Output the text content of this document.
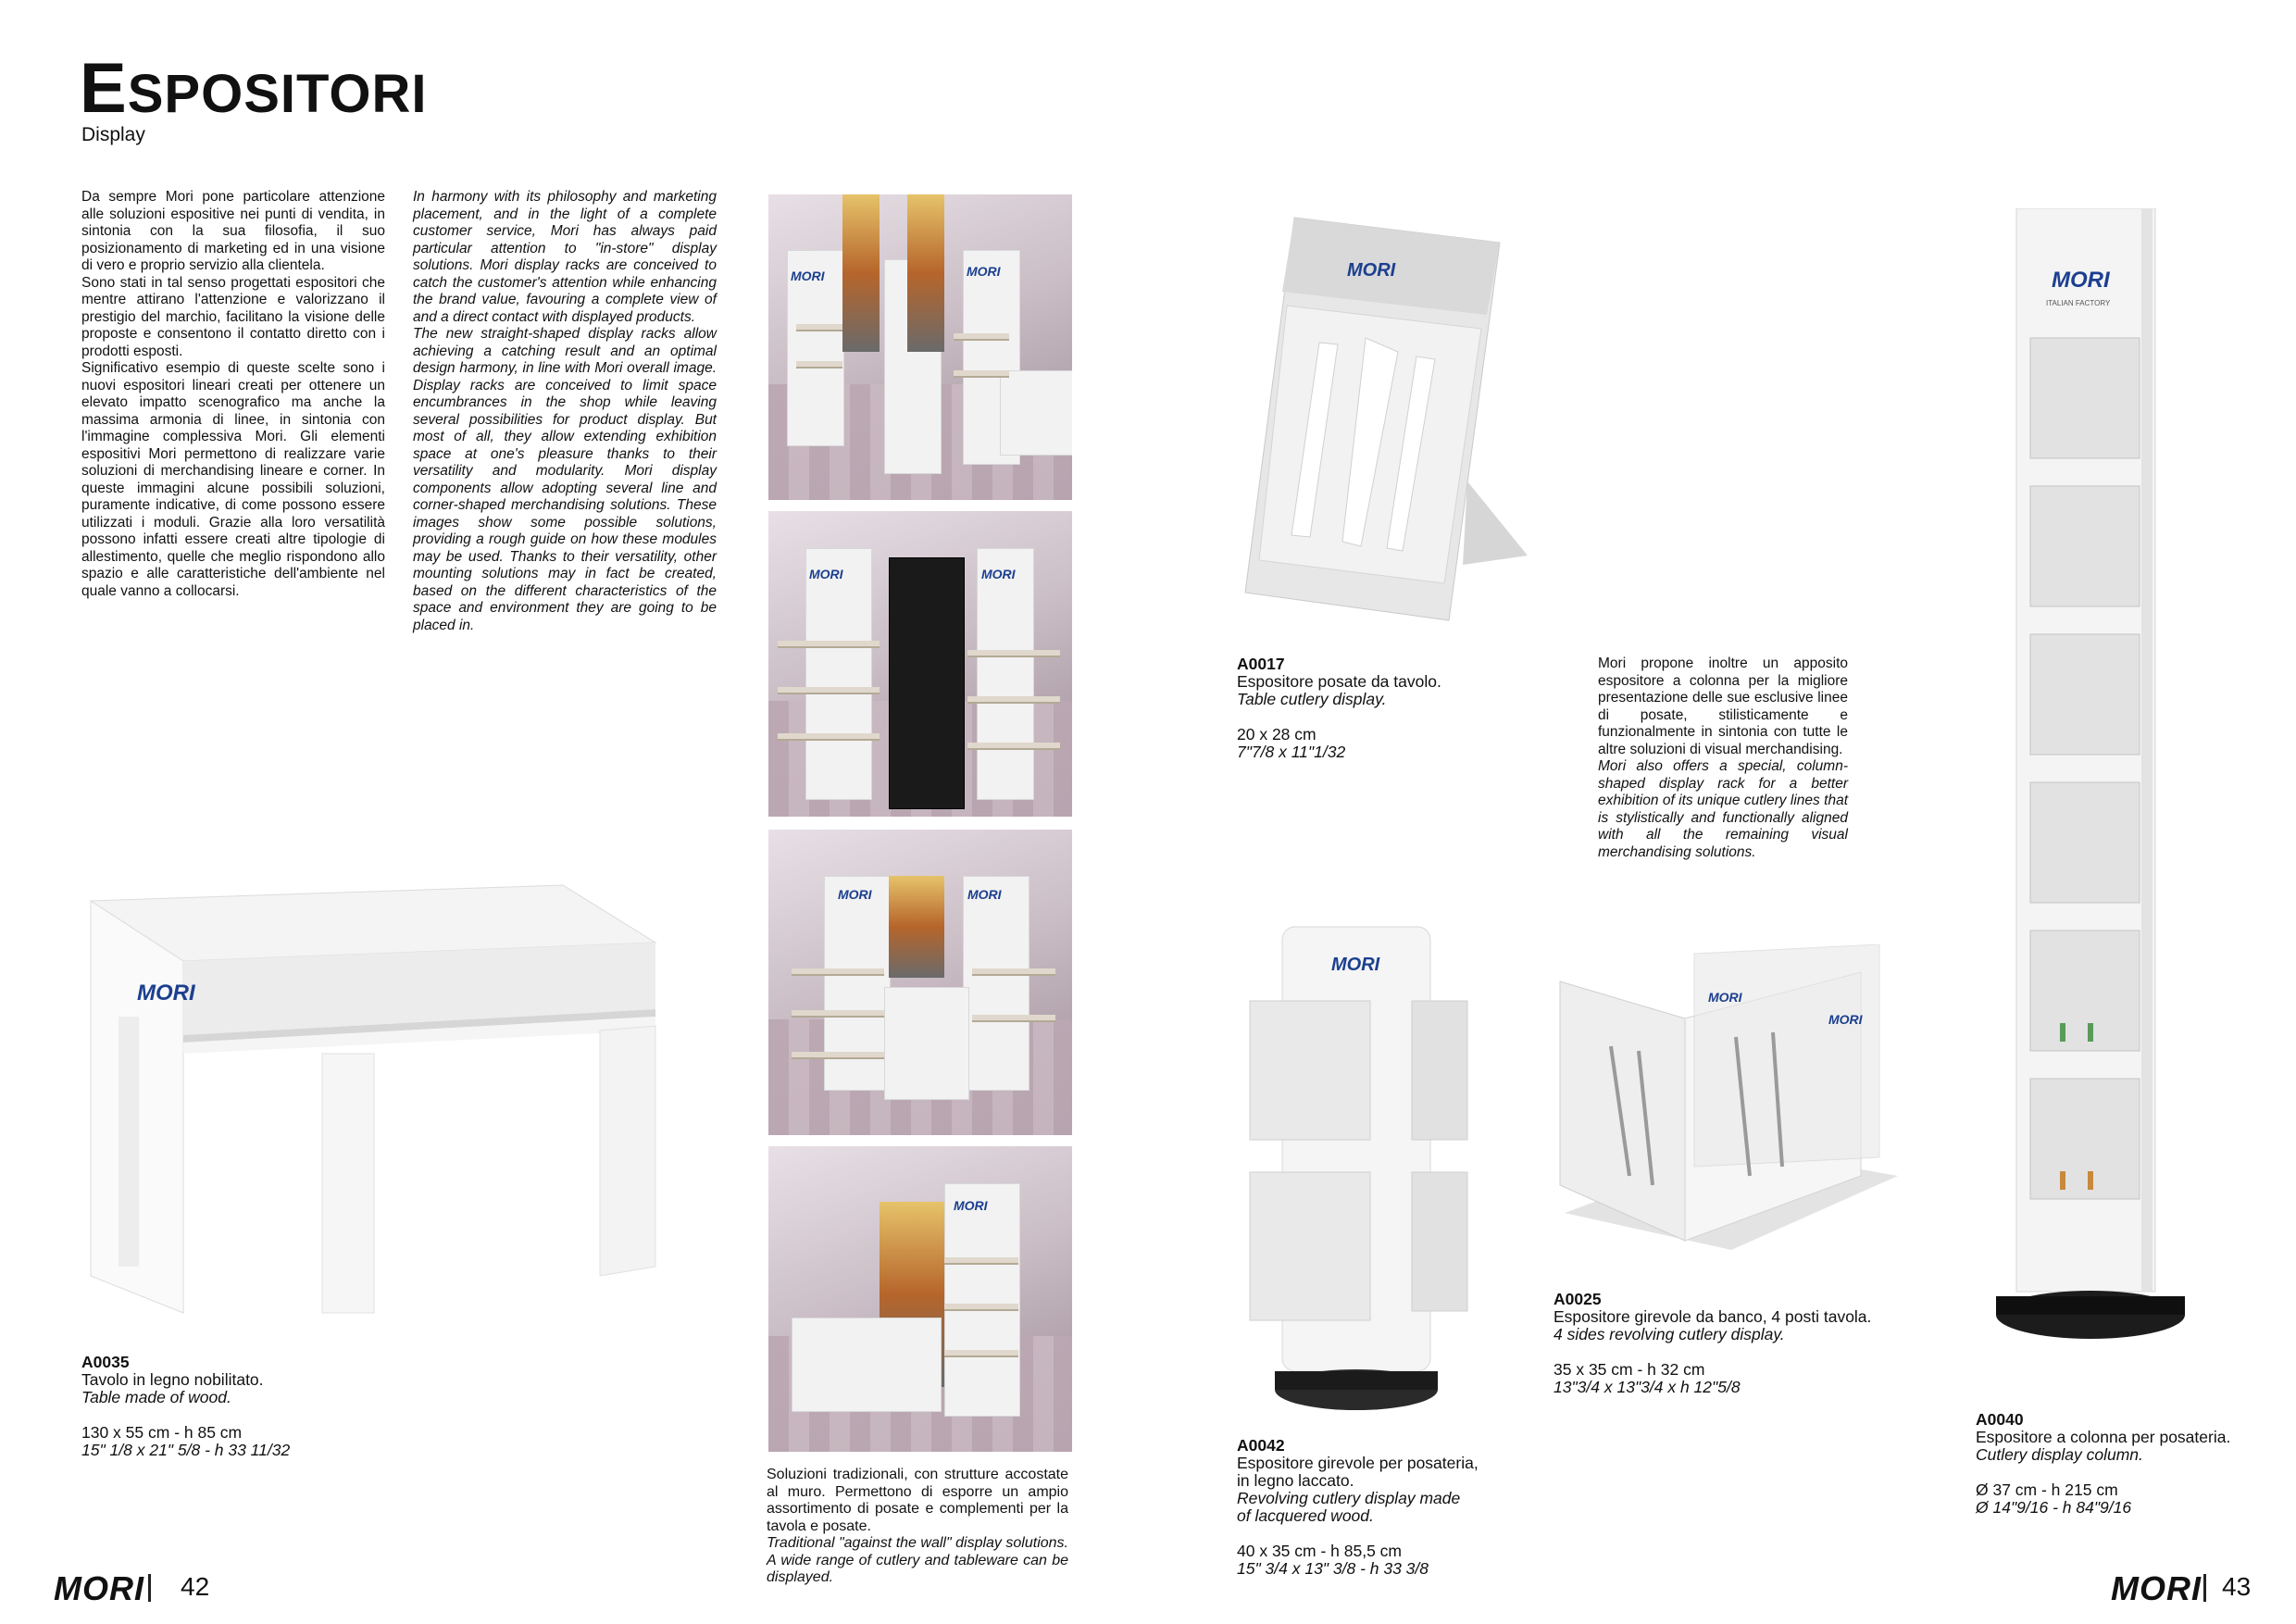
ESPOSITORI
Display
Da sempre Mori pone particolare attenzione alle soluzioni espositive nei punti di vendita, in sintonia con la sua filosofia, il suo posizionamento di marketing ed in una visione di vero e proprio servizio alla clientela.
Sono stati in tal senso progettati espositori che mentre attirano l'attenzione e valorizzano il prestigio del marchio, facilitano la visione delle proposte e consentono il contatto diretto con i prodotti esposti.
Significativo esempio di queste scelte sono i nuovi espositori lineari creati per ottenere un elevato impatto scenografico ma anche la massima armonia di linee, in sintonia con l'immagine complessiva Mori. Gli elementi espositivi Mori permettono di realizzare varie soluzioni di merchandising lineare e corner. In queste immagini alcune possibili soluzioni, puramente indicative, di come possono essere utilizzati i moduli. Grazie alla loro versatilità possono infatti essere creati altre tipologie di allestimento, quelle che meglio rispondono allo spazio e alle caratteristiche dell'ambiente nel quale vanno a collocarsi.
In harmony with its philosophy and marketing placement, and in the light of a complete customer service, Mori has always paid particular attention to "in-store" display solutions. Mori display racks are conceived to catch the customer's attention while enhancing the brand value, favouring a complete view of and a direct contact with displayed products.
The new straight-shaped display racks allow achieving a catching result and an optimal design harmony, in line with Mori overall image. Display racks are conceived to limit space encumbrances in the shop while leaving several possibilities for product display. But most of all, they allow extending exhibition space at one's pleasure thanks to their versatility and modularity. Mori display components allow adopting several line and corner-shaped merchandising solutions. These images show some possible solutions, providing a rough guide on how these modules may be used. Thanks to their versatility, other mounting solutions may in fact be created, based on the different characteristics of the space and environment they are going to be placed in.
MORI
A0035
Tavolo in legno nobilitato.
Table made of wood.
130 x 55 cm - h 85 cm
15" 1/8 x 21" 5/8 - h 33 11/32
MORI 42
MORI	MORI
MORI	MORI
MORI	MORI
MORI
Soluzioni tradizionali, con strutture accostate al muro. Permettono di esporre un ampio assortimento di posate e complementi per la tavola e posate.
Traditional "against the wall" display solutions. A wide range of cutlery and tableware can be displayed.
MORI
A0017
Espositore posate da tavolo.
Table cutlery display.
20 x 28 cm
7"7/8 x 11"1/32
Mori propone inoltre un apposito espositore a colonna per la migliore presentazione delle sue esclusive linee di posate, stilisticamente e funzionalmente in sintonia con tutte le altre soluzioni di visual merchandising.
Mori also offers a special, column-shaped display rack for a better exhibition of its unique cutlery lines that is stylistically and functionally aligned with all the remaining visual merchandising solutions.
MORI
A0042
Espositore girevole per posateria,
in legno laccato.
Revolving cutlery display made
of lacquered wood.
40 x 35 cm - h 85,5 cm
15" 3/4 x 13" 3/8 - h 33 3/8
MORI
MORI
A0025
Espositore girevole da banco, 4 posti tavola.
4 sides revolving cutlery display.
35 x 35 cm - h 32 cm
13"3/4 x 13"3/4 x h 12"5/8
MORI
ITALIAN FACTORY
A0040
Espositore a colonna per posateria.
Cutlery display column.
Ø 37 cm - h 215 cm
Ø 14"9/16 - h 84"9/16
MORI 43
